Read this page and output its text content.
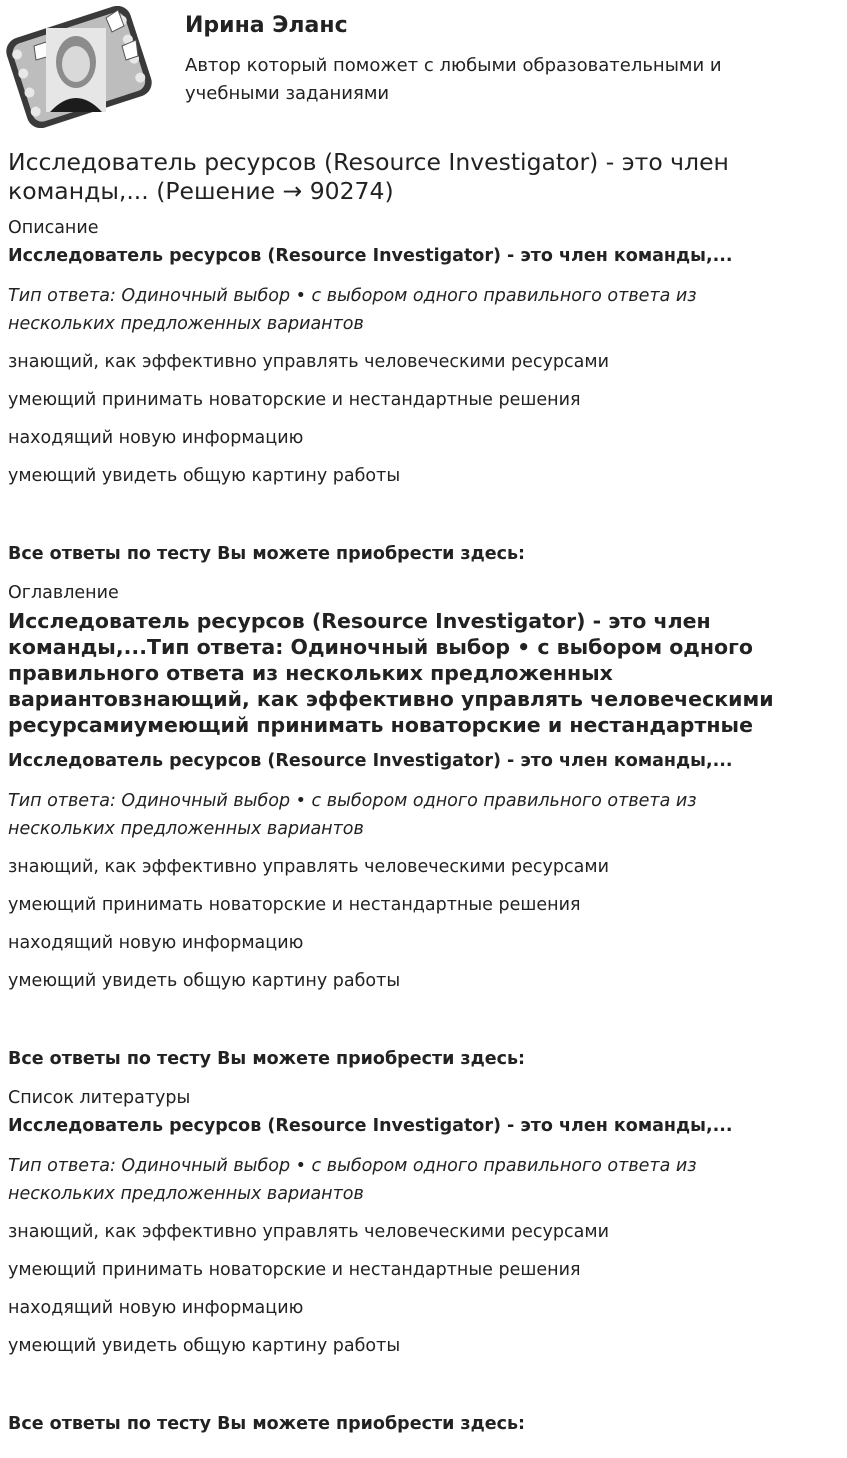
Ирина Эланс
Автор который поможет с любыми образовательными и учебными заданиями
Исследователь ресурсов (Resource Investigator) - это член команды,... (Решение → 90274)
Описание
Исследователь ресурсов (Resource Investigator) - это член команды,...
Тип ответа: Одиночный выбор • с выбором одного правильного ответа из нескольких предложенных вариантов
знающий, как эффективно управлять человеческими ресурсами
умеющий принимать новаторские и нестандартные решения
находящий новую информацию
умеющий увидеть общую картину работы
Все ответы по тесту Вы можете приобрести здесь:
Оглавление
Исследователь ресурсов (Resource Investigator) - это член команды,...Тип ответа: Одиночный выбор • с выбором одного правильного ответа из нескольких предложенных вариантовзнающий, как эффективно управлять человеческими ресурсамиумеющий принимать новаторские и нестандартные
Исследователь ресурсов (Resource Investigator) - это член команды,...
Тип ответа: Одиночный выбор • с выбором одного правильного ответа из нескольких предложенных вариантов
знающий, как эффективно управлять человеческими ресурсами
умеющий принимать новаторские и нестандартные решения
находящий новую информацию
умеющий увидеть общую картину работы
Все ответы по тесту Вы можете приобрести здесь:
Список литературы
Исследователь ресурсов (Resource Investigator) - это член команды,...
Тип ответа: Одиночный выбор • с выбором одного правильного ответа из нескольких предложенных вариантов
знающий, как эффективно управлять человеческими ресурсами
умеющий принимать новаторские и нестандартные решения
находящий новую информацию
умеющий увидеть общую картину работы
Все ответы по тесту Вы можете приобрести здесь:
